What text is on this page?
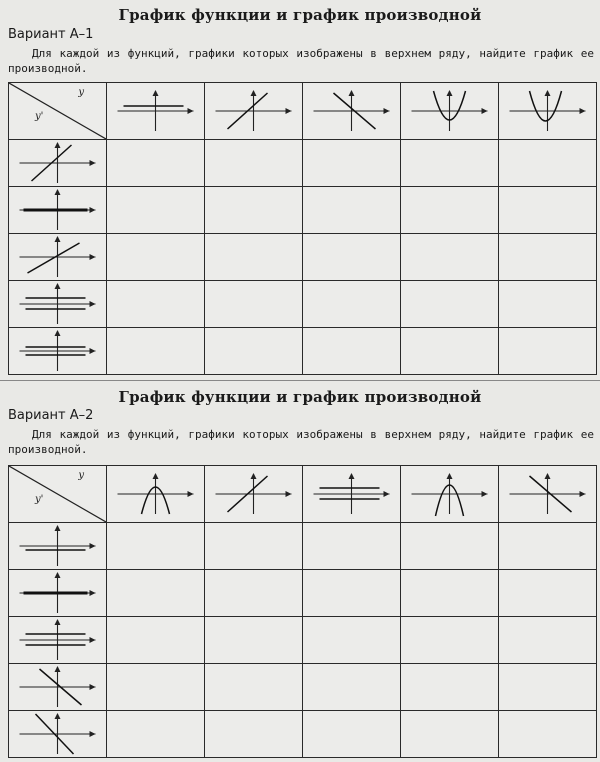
График функции и график производной
Вариант А–1
Для каждой из функций, графики которых изображены в верхнем ряду, найдите график ее производной.
y
y'

График функции и график производной
Вариант А–2
Для каждой из функций, графики которых изображены в верхнем ряду, найдите график ее производной.
y
y'
